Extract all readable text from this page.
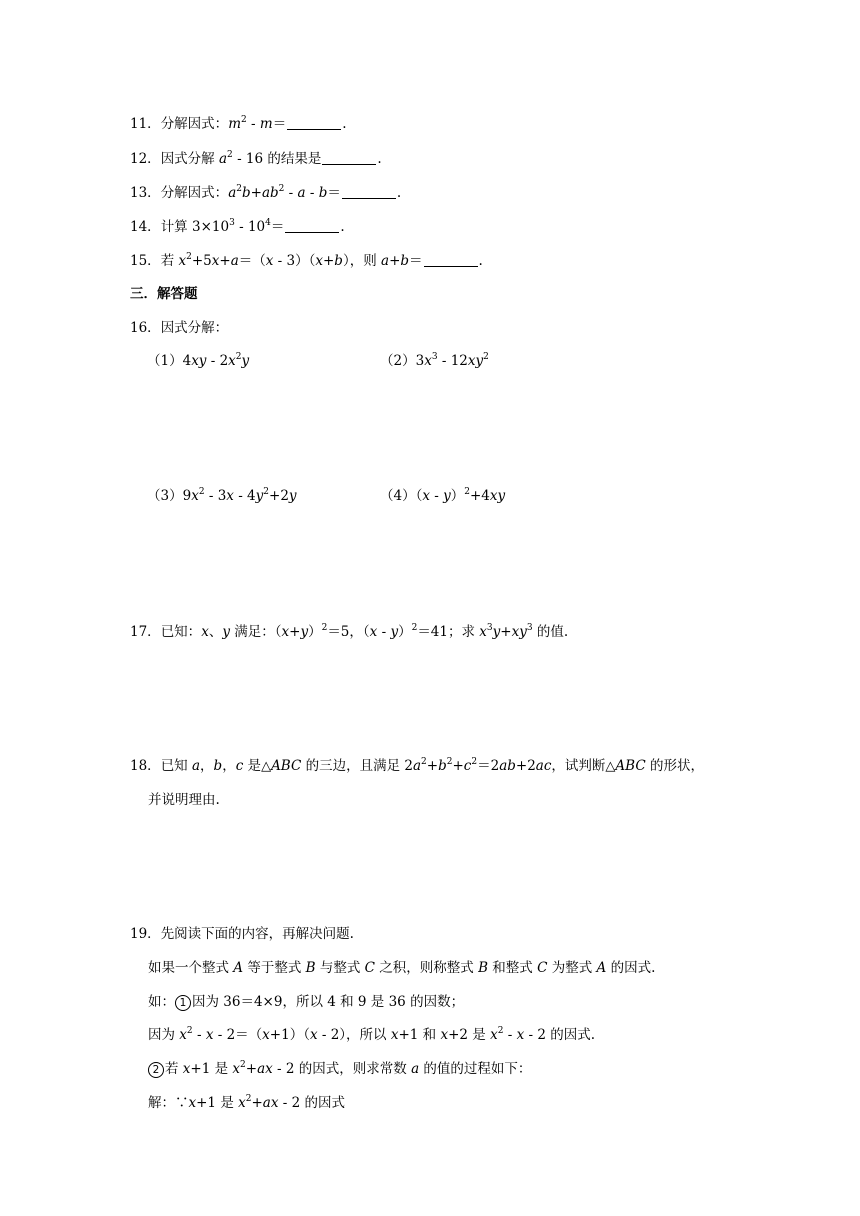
11．分解因式：$m^2 - m=$	.
12．因式分解 $a^2 - 16$ 的结果是	.
13．分解因式：$a^2b+ab^2 - a - b=$	.
14．计算 $3\times 10^3 - 10^4=$	.
15．若 $x^2+5x+a=(x - 3)(x+b)$，则 a+b＝	.
三．解答题
16．因式分解：
$(1)4xy - 2x^2y$	$(2)3x^3 - 12xy^2$
$(3)9x^2 - 3x - 4y^2+2y$	（4）（x - y）$^2$+4xy
17．已知：x、y 满足：$(x+y)^2=5$，（x - y）$^2$＝41；求 $x^3y+xy^3$ 的值.
18．已知 a，b，c 是△ABC 的三边，且满足 $2a^2+b^2+c^2=2ab+2ac$，试判断△ABC 的形状，
并说明理由.
19．先阅读下面的内容，再解决问题.
如果一个整式 A 等于整式 B 与整式 C 之积，则称整式 B 和整式 C 为整式 A 的因式.
如： 1 因为 36＝4×9，所以 4 和 9 是 36 的因数；
因为 $x^2 - x - 2=(x+1)(x - 2)$，所以 x+1 和 x+2 是 $x^2$ - x - 2 的因式.
2 若 x+1 是 $x^2+ax - 2$ 的因式，则求常数 a 的值的过程如下：
解：∵x+1 是 $x^2+ax - 2$ 的因式
